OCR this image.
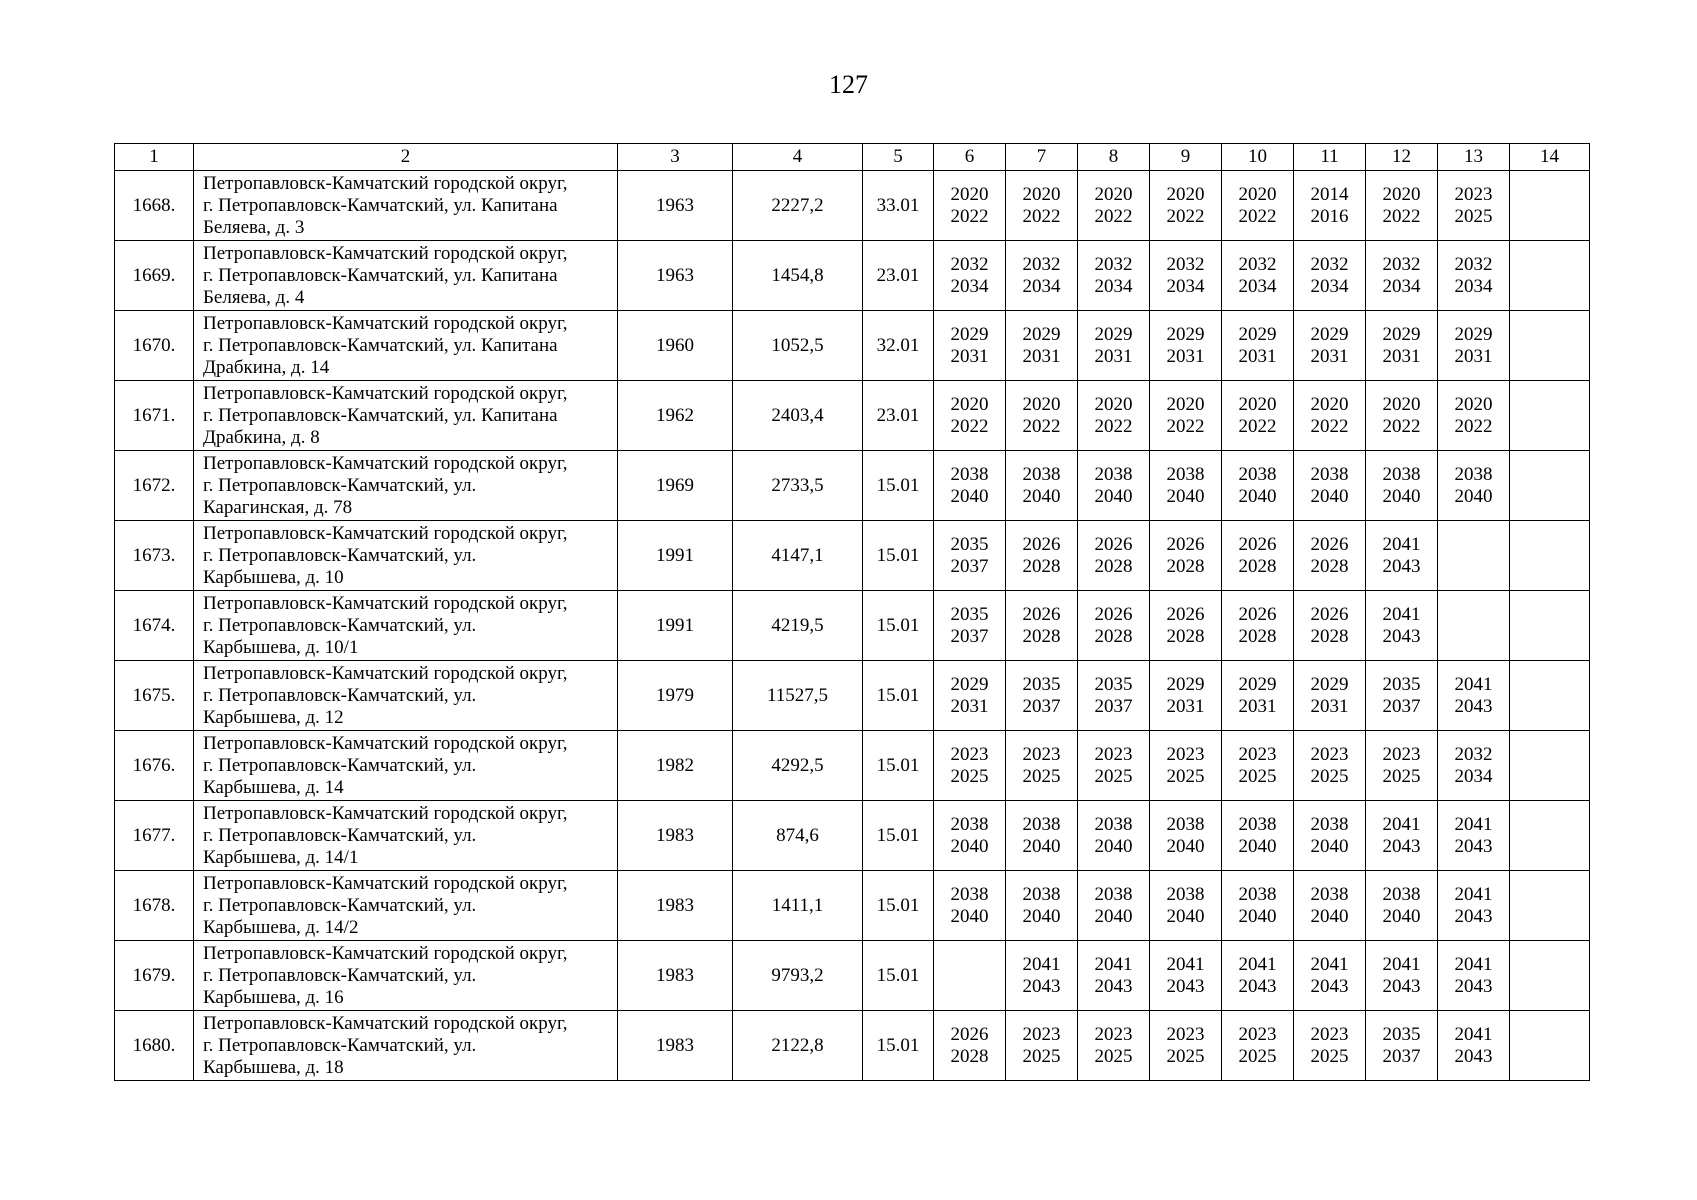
127
1	2	3	4	5	6	7	8	9	10	11	12	13	14
1668.	Петропавловск-Камчатский городской округ,
г. Петропавловск-Камчатский, ул. Капитана
Беляева, д. 3	1963	2227,2	33.01	2020
2022	2020
2022	2020
2022	2020
2022	2020
2022	2014
2016	2020
2022	2023
2025	

1669.	Петропавловск-Камчатский городской округ,
г. Петропавловск-Камчатский, ул. Капитана
Беляева, д. 4	1963	1454,8	23.01	2032
2034	2032
2034	2032
2034	2032
2034	2032
2034	2032
2034	2032
2034	2032
2034	

1670.	Петропавловск-Камчатский городской округ,
г. Петропавловск-Камчатский, ул. Капитана
Драбкина, д. 14	1960	1052,5	32.01	2029
2031	2029
2031	2029
2031	2029
2031	2029
2031	2029
2031	2029
2031	2029
2031	

1671.	Петропавловск-Камчатский городской округ,
г. Петропавловск-Камчатский, ул. Капитана
Драбкина, д. 8	1962	2403,4	23.01	2020
2022	2020
2022	2020
2022	2020
2022	2020
2022	2020
2022	2020
2022	2020
2022	

1672.	Петропавловск-Камчатский городской округ,
г. Петропавловск-Камчатский, ул.
Карагинская, д. 78	1969	2733,5	15.01	2038
2040	2038
2040	2038
2040	2038
2040	2038
2040	2038
2040	2038
2040	2038
2040	

1673.	Петропавловск-Камчатский городской округ,
г. Петропавловск-Камчатский, ул.
Карбышева, д. 10	1991	4147,1	15.01	2035
2037	2026
2028	2026
2028	2026
2028	2026
2028	2026
2028	2041
2043		

1674.	Петропавловск-Камчатский городской округ,
г. Петропавловск-Камчатский, ул.
Карбышева, д. 10/1	1991	4219,5	15.01	2035
2037	2026
2028	2026
2028	2026
2028	2026
2028	2026
2028	2041
2043		

1675.	Петропавловск-Камчатский городской округ,
г. Петропавловск-Камчатский, ул.
Карбышева, д. 12	1979	11527,5	15.01	2029
2031	2035
2037	2035
2037	2029
2031	2029
2031	2029
2031	2035
2037	2041
2043	

1676.	Петропавловск-Камчатский городской округ,
г. Петропавловск-Камчатский, ул.
Карбышева, д. 14	1982	4292,5	15.01	2023
2025	2023
2025	2023
2025	2023
2025	2023
2025	2023
2025	2023
2025	2032
2034	

1677.	Петропавловск-Камчатский городской округ,
г. Петропавловск-Камчатский, ул.
Карбышева, д. 14/1	1983	874,6	15.01	2038
2040	2038
2040	2038
2040	2038
2040	2038
2040	2038
2040	2041
2043	2041
2043	

1678.	Петропавловск-Камчатский городской округ,
г. Петропавловск-Камчатский, ул.
Карбышева, д. 14/2	1983	1411,1	15.01	2038
2040	2038
2040	2038
2040	2038
2040	2038
2040	2038
2040	2038
2040	2041
2043	

1679.	Петропавловск-Камчатский городской округ,
г. Петропавловск-Камчатский, ул.
Карбышева, д. 16	1983	9793,2	15.01		2041
2043	2041
2043	2041
2043	2041
2043	2041
2043	2041
2043	2041
2043	

1680.	Петропавловск-Камчатский городской округ,
г. Петропавловск-Камчатский, ул.
Карбышева, д. 18	1983	2122,8	15.01	2026
2028	2023
2025	2023
2025	2023
2025	2023
2025	2023
2025	2035
2037	2041
2043	
